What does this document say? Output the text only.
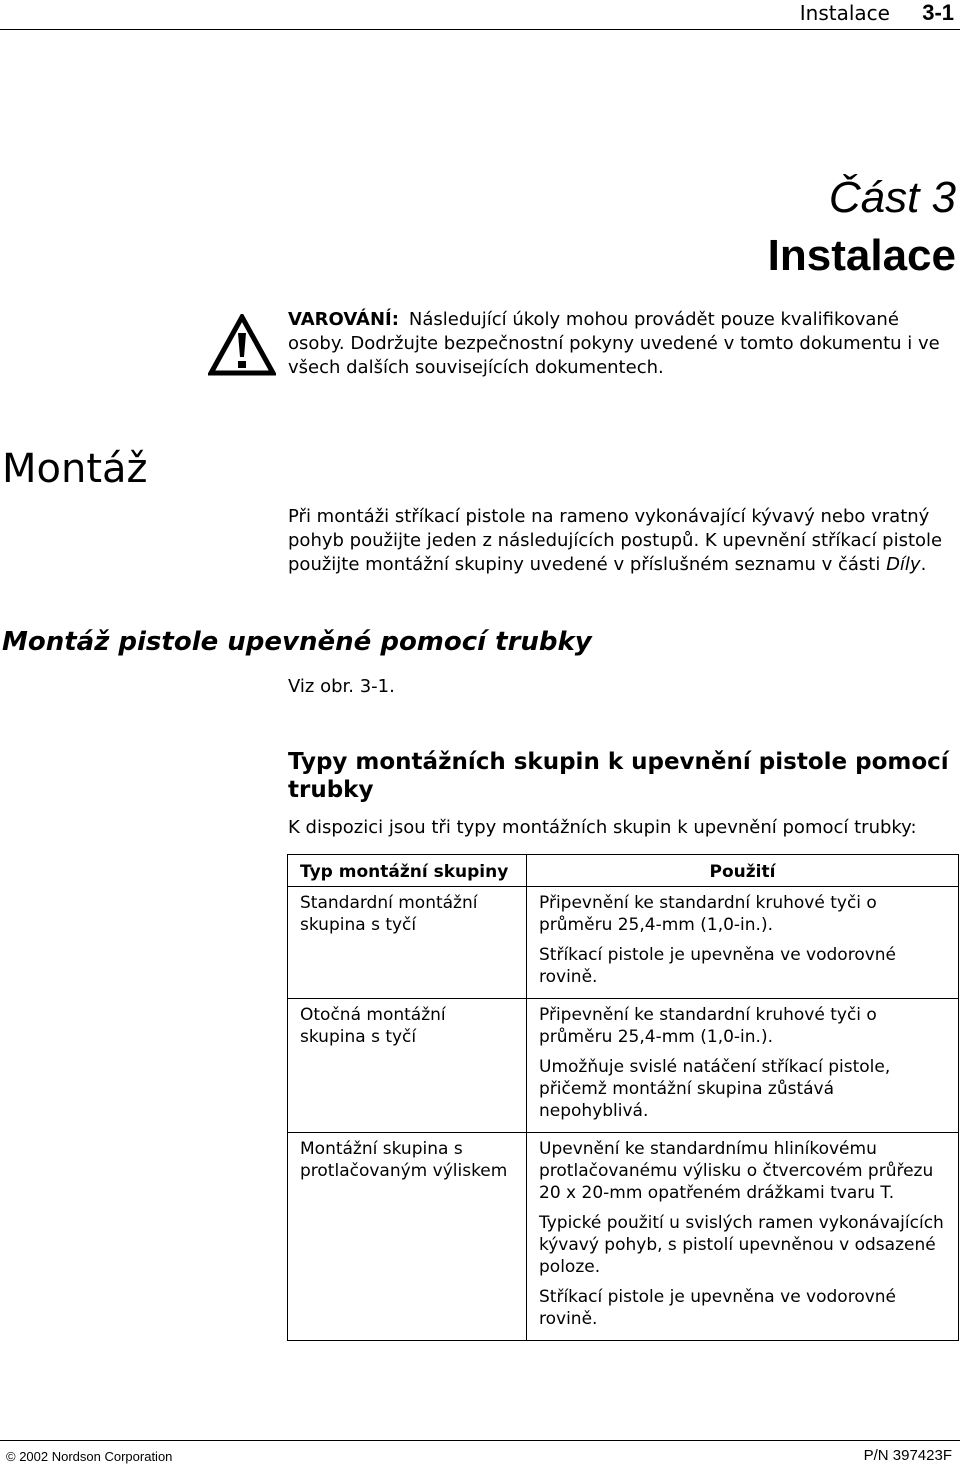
Instalace 3-1
Část 3
Instalace
VAROVÁNÍ: Následující úkoly mohou provádět pouze kvalifikované osoby. Dodržujte bezpečnostní pokyny uvedené v tomto dokumentu i ve všech dalších souvisejících dokumentech.
Montáž
Při montáži stříkací pistole na rameno vykonávající kývavý nebo vratný pohyb použijte jeden z následujících postupů. K upevnění stříkací pistole použijte montážní skupiny uvedené v příslušném seznamu v části Díly.
Montáž pistole upevněné pomocí trubky
Viz obr. 3-1.
Typy montážních skupin k upevnění pistole pomocí trubky
K dispozici jsou tři typy montážních skupin k upevnění pomocí trubky:
Typ montážní skupiny	Použití
Standardní montážní skupina s tyčí	Připevnění ke standardní kruhové tyči o průměru 25,4-mm (1,0-in.).
Stříkací pistole je upevněna ve vodorovné rovině.

Otočná montážní skupina s tyčí	Připevnění ke standardní kruhové tyči o průměru 25,4-mm (1,0-in.).
Umožňuje svislé natáčení stříkací pistole, přičemž montážní skupina zůstává nepohyblivá.

Montážní skupina s protlačovaným výliskem	Upevnění ke standardnímu hliníkovému protlačovanému výlisku o čtvercovém průřezu 20 x 20-mm opatřeném drážkami tvaru T.
Typické použití u svislých ramen vykonávajících kývavý pohyb, s pistolí upevněnou v odsazené poloze.
Stříkací pistole je upevněna ve vodorovné rovině.
© 2002 Nordson Corporation	P/N 397423F
